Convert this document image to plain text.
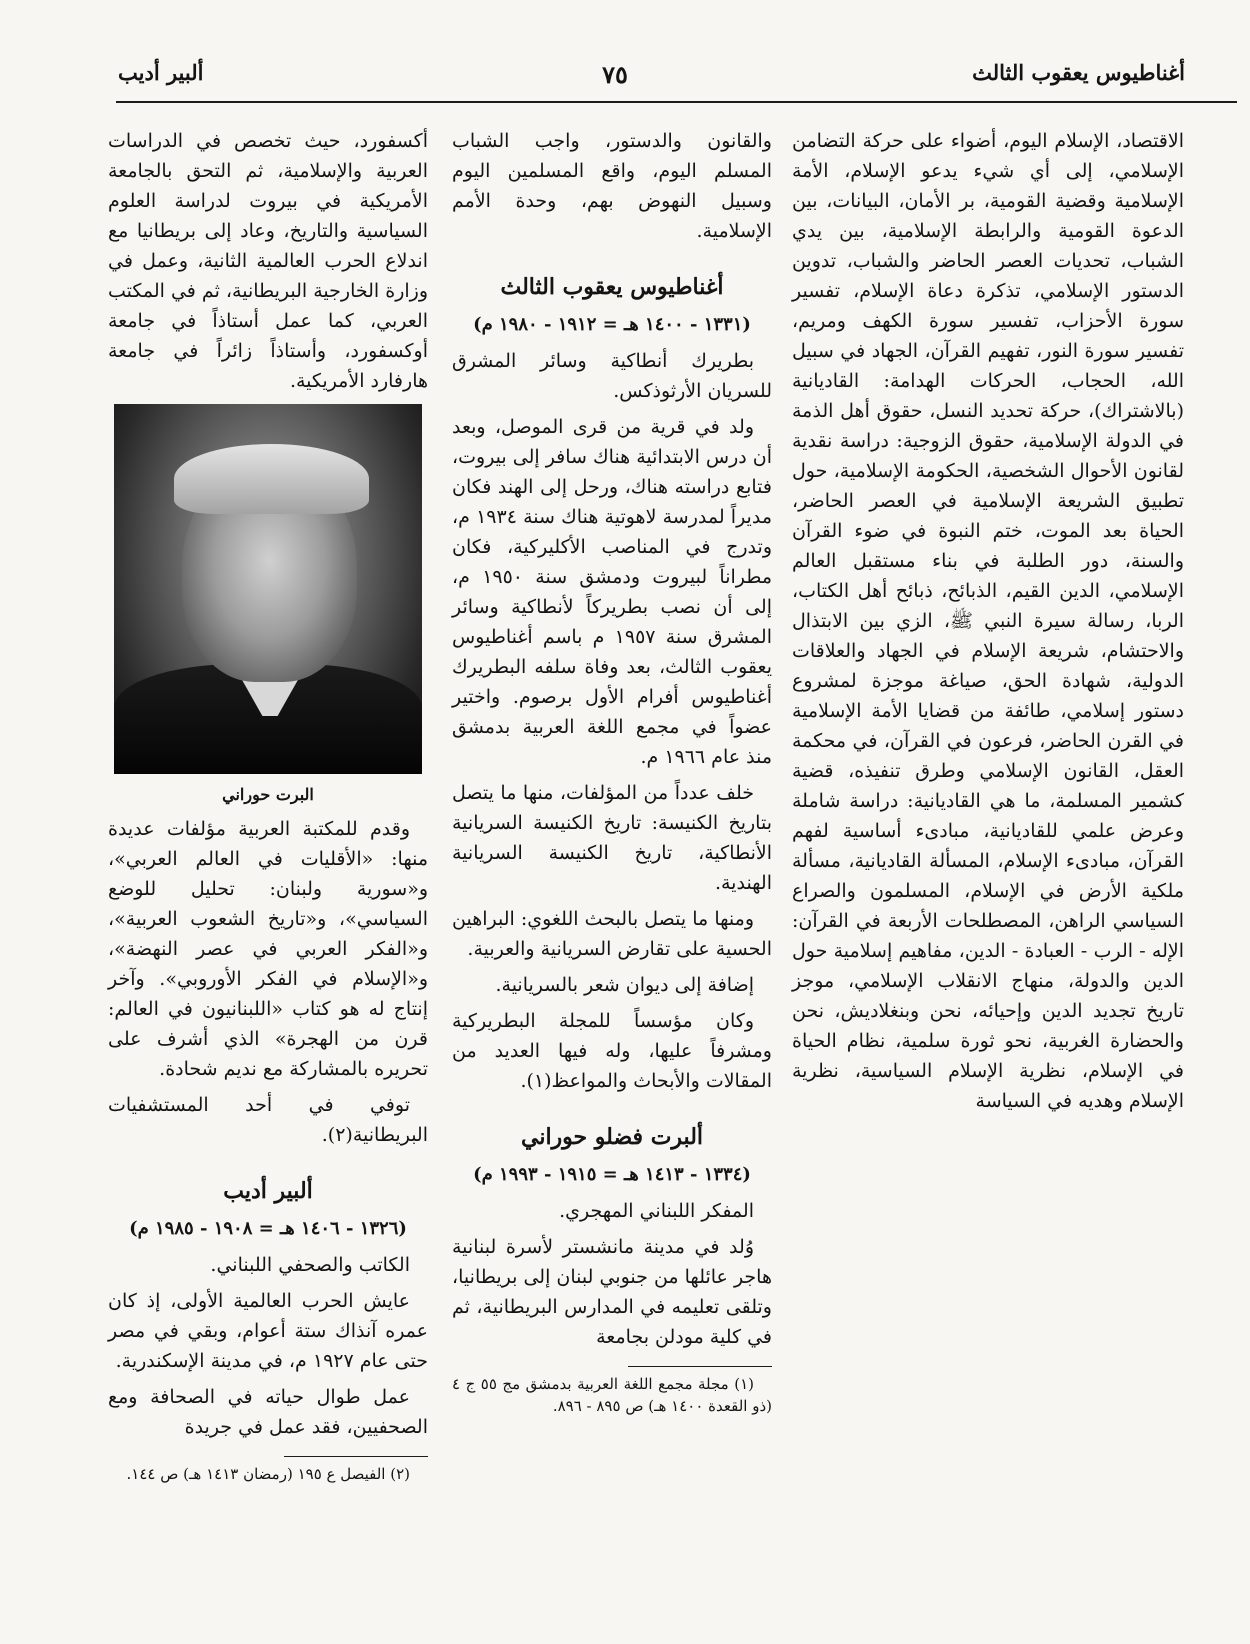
أغناطيوس يعقوب الثالث
٧٥
ألبير أديب

الاقتصاد، الإسلام اليوم، أضواء على حركة التضامن الإسلامي، إلى أي شيء يدعو الإسلام، الأمة الإسلامية وقضية القومية، بر الأمان، البيانات، بين الدعوة القومية والرابطة الإسلامية، بين يدي الشباب، تحديات العصر الحاضر والشباب، تدوين الدستور الإسلامي، تذكرة دعاة الإسلام، تفسير سورة الأحزاب، تفسير سورة الكهف ومريم، تفسير سورة النور، تفهيم القرآن، الجهاد في سبيل الله، الحجاب، الحركات الهدامة: القاديانية (بالاشتراك)، حركة تحديد النسل، حقوق أهل الذمة في الدولة الإسلامية، حقوق الزوجية: دراسة نقدية لقانون الأحوال الشخصية، الحكومة الإسلامية، حول تطبيق الشريعة الإسلامية في العصر الحاضر، الحياة بعد الموت، ختم النبوة في ضوء القرآن والسنة، دور الطلبة في بناء مستقبل العالم الإسلامي، الدين القيم، الذبائح، ذبائح أهل الكتاب، الربا، رسالة سيرة النبي ﷺ، الزي بين الابتذال والاحتشام، شريعة الإسلام في الجهاد والعلاقات الدولية، شهادة الحق، صياغة موجزة لمشروع دستور إسلامي، طائفة من قضايا الأمة الإسلامية في القرن الحاضر، فرعون في القرآن، في محكمة العقل، القانون الإسلامي وطرق تنفيذه، قضية كشمير المسلمة، ما هي القاديانية: دراسة شاملة وعرض علمي للقاديانية، مبادىء أساسية لفهم القرآن، مبادىء الإسلام، المسألة القاديانية، مسألة ملكية الأرض في الإسلام، المسلمون والصراع السياسي الراهن، المصطلحات الأربعة في القرآن: الإله - الرب - العبادة - الدين، مفاهيم إسلامية حول الدين والدولة، منهاج الانقلاب الإسلامي، موجز تاريخ تجديد الدين وإحيائه، نحن وبنغلاديش، نحن والحضارة الغربية، نحو ثورة سلمية، نظام الحياة في الإسلام، نظرية الإسلام السياسية، نظرية الإسلام وهديه في السياسة

والقانون والدستور، واجب الشباب المسلم اليوم، واقع المسلمين اليوم وسبيل النهوض بهم، وحدة الأمم الإسلامية.

أغناطيوس يعقوب الثالث

(١٣٣١ - ١٤٠٠ هـ = ١٩١٢ - ١٩٨٠ م)

بطريرك أنطاكية وسائر المشرق للسريان الأرثوذكس.

ولد في قرية من قرى الموصل، وبعد أن درس الابتدائية هناك سافر إلى بيروت، فتابع دراسته هناك، ورحل إلى الهند فكان مديراً لمدرسة لاهوتية هناك سنة ١٩٣٤ م، وتدرج في المناصب الأكليركية، فكان مطراناً لبيروت ودمشق سنة ١٩٥٠ م، إلى أن نصب بطريركاً لأنطاكية وسائر المشرق سنة ١٩٥٧ م باسم أغناطيوس يعقوب الثالث، بعد وفاة سلفه البطريرك أغناطيوس أفرام الأول برصوم. واختير عضواً في مجمع اللغة العربية بدمشق منذ عام ١٩٦٦ م.

خلف عدداً من المؤلفات، منها ما يتصل بتاريخ الكنيسة: تاريخ الكنيسة السريانية الأنطاكية، تاريخ الكنيسة السريانية الهندية.

ومنها ما يتصل بالبحث اللغوي: البراهين الحسية على تقارض السريانية والعربية.

إضافة إلى ديوان شعر بالسريانية.

وكان مؤسساً للمجلة البطريركية ومشرفاً عليها، وله فيها العديد من المقالات والأبحاث والمواعظ(١).

ألبرت فضلو حوراني

(١٣٣٤ - ١٤١٣ هـ = ١٩١٥ - ١٩٩٣ م)

المفكر اللبناني المهجري.

وُلد في مدينة مانشستر لأسرة لبنانية هاجر عائلها من جنوبي لبنان إلى بريطانيا، وتلقى تعليمه في المدارس البريطانية، ثم في كلية مودلن بجامعة

(١) مجلة مجمع اللغة العربية بدمشق مج ٥٥ ج ٤ (ذو القعدة ١٤٠٠ هـ) ص ٨٩٥ - ٨٩٦.

أكسفورد، حيث تخصص في الدراسات العربية والإسلامية، ثم التحق بالجامعة الأمريكية في بيروت لدراسة العلوم السياسية والتاريخ، وعاد إلى بريطانيا مع اندلاع الحرب العالمية الثانية، وعمل في وزارة الخارجية البريطانية، ثم في المكتب العربي، كما عمل أستاذاً في جامعة أوكسفورد، وأستاذاً زائراً في جامعة هارفارد الأمريكية.

البرت حوراني

وقدم للمكتبة العربية مؤلفات عديدة منها: «الأقليات في العالم العربي»، و«سورية ولبنان: تحليل للوضع السياسي»، و«تاريخ الشعوب العربية»، و«الفكر العربي في عصر النهضة»، و«الإسلام في الفكر الأوروبي». وآخر إنتاج له هو كتاب «اللبنانيون في العالم: قرن من الهجرة» الذي أشرف على تحريره بالمشاركة مع نديم شحادة.

توفي في أحد المستشفيات البريطانية(٢).

ألبير أديب

(١٣٢٦ - ١٤٠٦ هـ = ١٩٠٨ - ١٩٨٥ م)

الكاتب والصحفي اللبناني.

عايش الحرب العالمية الأولى، إذ كان عمره آنذاك ستة أعوام، وبقي في مصر حتى عام ١٩٢٧ م، في مدينة الإسكندرية.

عمل طوال حياته في الصحافة ومع الصحفيين، فقد عمل في جريدة

(٢) الفيصل ع ١٩٥ (رمضان ١٤١٣ هـ) ص ١٤٤.
